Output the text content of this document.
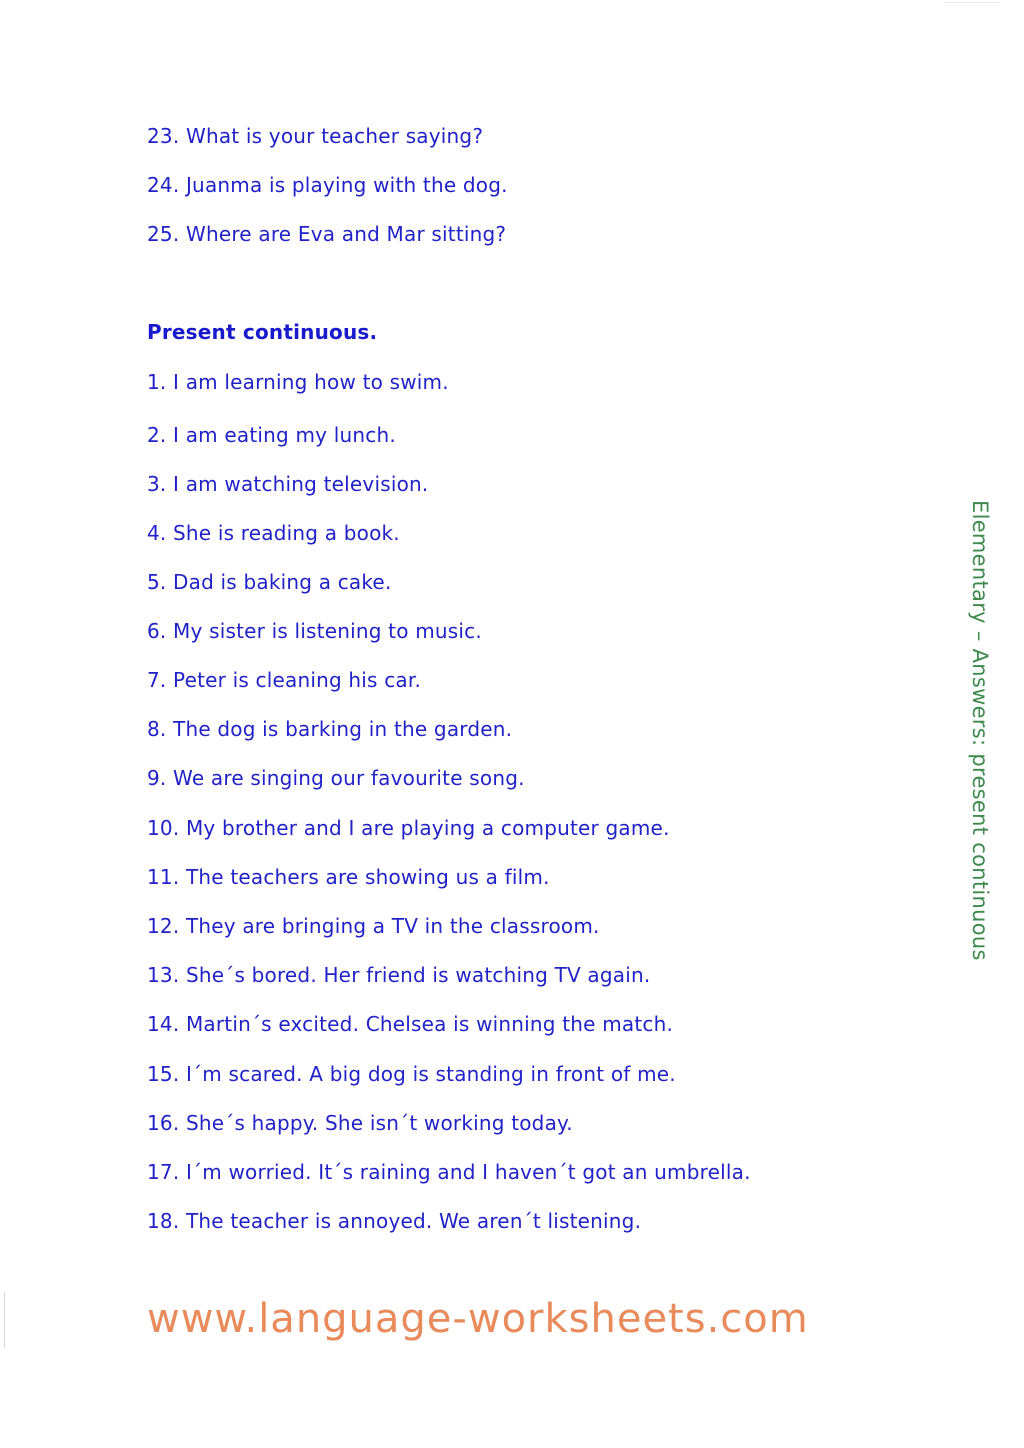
23. What is your teacher saying?
24. Juanma is playing with the dog.
25. Where are Eva and Mar sitting?
Present continuous.
1. I am learning how to swim.
2. I am eating my lunch.
3. I am watching television.
4. She is reading a book.
5. Dad is baking a cake.
6. My sister is listening to music.
7. Peter is cleaning his car.
8. The dog is barking in the garden.
9. We are singing our favourite song.
10. My brother and I are playing a computer game.
11. The teachers are showing us a film.
12. They are bringing a TV in the classroom.
13. She´s bored. Her friend is watching TV again.
14. Martin´s excited. Chelsea is winning the match.
15. I´m scared. A big dog is standing in front of me.
16. She´s happy. She isn´t working today.
17. I´m worried. It´s raining and I haven´t got an umbrella.
18. The teacher is annoyed. We aren´t listening.
Elementary – Answers: present continuous
www.language-worksheets.com
